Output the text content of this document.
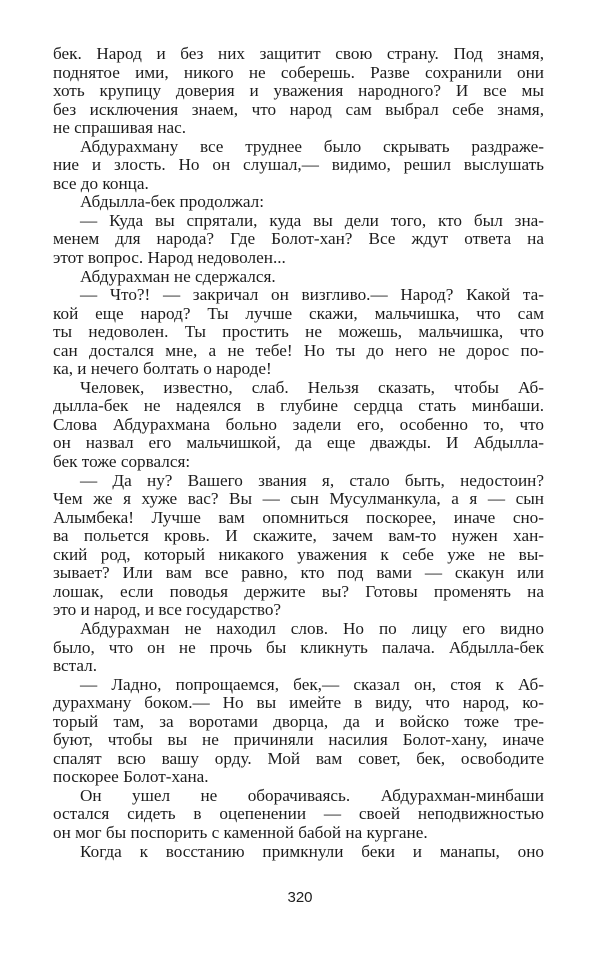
бек. Народ и без них защитит свою страну. Под знамя,
поднятое ими, никого не соберешь. Разве сохранили они
хоть крупицу доверия и уважения народного? И все мы
без исключения знаем, что народ сам выбрал себе знамя,
не спрашивая нас.
Абдурахману все труднее было скрывать раздраже-
ние и злость. Но он слушал,— видимо, решил выслушать
все до конца.
Абдылла-бек продолжал:
— Куда вы спрятали, куда вы дели того, кто был зна-
менем для народа? Где Болот-хан? Все ждут ответа на
этот вопрос. Народ недоволен...
Абдурахман не сдержался.
— Что?! — закричал он визгливо.— Народ? Какой та-
кой еще народ? Ты лучше скажи, мальчишка, что сам
ты недоволен. Ты простить не можешь, мальчишка, что
сан достался мне, а не тебе! Но ты до него не дорос по-
ка, и нечего болтать о народе!
Человек, известно, слаб. Нельзя сказать, чтобы Аб-
дылла-бек не надеялся в глубине сердца стать минбаши.
Слова Абдурахмана больно задели его, особенно то, что
он назвал его мальчишкой, да еще дважды. И Абдылла-
бек тоже сорвался:
— Да ну? Вашего звания я, стало быть, недостоин?
Чем же я хуже вас? Вы — сын Мусулманкула, а я — сын
Алымбека! Лучше вам опомниться поскорее, иначе сно-
ва польется кровь. И скажите, зачем вам-то нужен хан-
ский род, который никакого уважения к себе уже не вы-
зывает? Или вам все равно, кто под вами — скакун или
лошак, если поводья держите вы? Готовы променять на
это и народ, и все государство?
Абдурахман не находил слов. Но по лицу его видно
было, что он не прочь бы кликнуть палача. Абдылла-бек
встал.
— Ладно, попрощаемся, бек,— сказал он, стоя к Аб-
дурахману боком.— Но вы имейте в виду, что народ, ко-
торый там, за воротами дворца, да и войско тоже тре-
буют, чтобы вы не причиняли насилия Болот-хану, иначе
спалят всю вашу орду. Мой вам совет, бек, освободите
поскорее Болот-хана.
Он ушел не оборачиваясь. Абдурахман-минбаши
остался сидеть в оцепенении — своей неподвижностью
он мог бы поспорить с каменной бабой на кургане.
Когда к восстанию примкнули беки и манапы, оно
320
